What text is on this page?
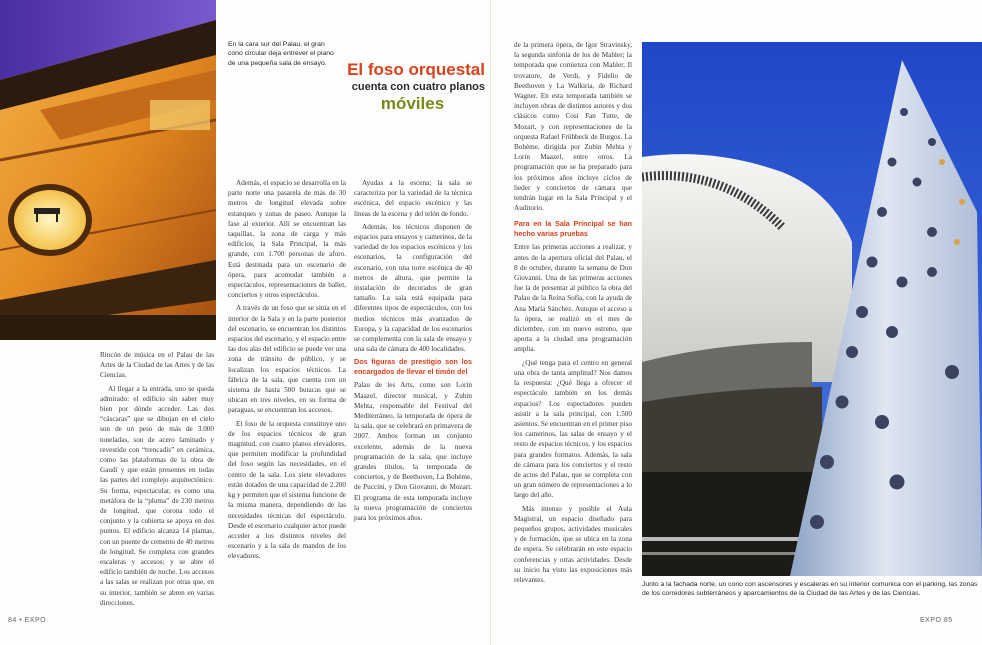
En la cara sur del Palau, el gran cono circular deja entrever el piano de una pequeña sala de ensayo.	El foso orquestal
cuenta con cuatro planos
móviles

Rincón de música en el Palau de las Artes de la Ciudad de las Artes y de las Ciencias.

Al llegar a la entrada, uno se queda admirado: el edificio sin saber muy bien por dónde acceder. Las dos “cáscaras” que se dibujan en el cielo son de un peso de más de 3.000 toneladas, son de acero laminado y revestido con “trencadís” en cerámica, como las plataformas de la obra de Gaudí y que están presentes en todas las partes del complejo arquitectónico. Su forma, espectacular, es como una metáfora de la “pluma” de 230 metros de longitud, que corona todo el conjunto y la cubierta se apoya en dos puntos. El edificio alcanza 14 plantas, con un puente de cemento de 40 metros de longitud. Se completa con grandes escaleras y accesos; y se abre el edificio también de noche. Los accesos a las salas se realizan por otras que, en su interior, también se abren en varias direcciones.

Además, el espacio se desarrolla en la parte norte una pasarela de más de 30 metros de longitud elevada sobre estanques y zonas de paseo. Aunque la fase al exterior. Allí se encuentran las taquillas, la zona de carga y más edificios, la Sala Principal, la más grande, con 1.700 personas de aforo. Está destinada para un escenario de ópera, para acomodar también a espectáculos, representaciones de ballet, conciertos y otros espectáculos.

A través de un foso que se sitúa en el interior de la Sala y en la parte posterior del escenario, se encuentran los distintos espacios del escenario, y el espacio entre las dos alas del edificio se puede ver una zona de tránsito de público, y se localizan los espacios técnicos. La fábrica de la sala, que cuenta con un sistema de hasta 500 butacas que se ubican en tres niveles, en su forma de paraguas, se encuentran los accesos.

El foso de la orquesta constituye uno de los espacios técnicos de gran magnitud, con cuatro planos elevadores, que permiten modificar la profundidad del foso según las necesidades, en el centro de la sala. Los siete elevadores están dotados de una capacidad de 2.200 kg y permiten que el sistema funcione de la misma manera, dependiendo de las necesidades técnicas del espectáculo. Desde el escenario cualquier actor puede acceder a los distintos niveles del escenario y a la sala de mandos de los elevadores.

Ayudas a la escena; la sala se caracteriza por la variedad de la técnica escénica, del espacio escénico y las líneas de la escena y del telón de fondo.

Además, los técnicos disponen de espacios para ensayos y camerinos, de la variedad de los espacios escénicos y los escenarios, la configuración del escenario, con una torre escénica de 40 metros de altura, que permite la instalación de decorados de gran tamaño. La sala está equipada para diferentes tipos de espectáculos, con los medios técnicos más avanzados de Europa, y la capacidad de los escenarios se complementa con la sala de ensayo y una sala de cámara de 400 localidades.

Dos figuras de prestigio son los encargados de llevar el timón del

Palau de les Arts, como son Lorin Maazel, director musical, y Zubin Mehta, responsable del Festival del Mediterráneo, la temporada de ópera de la sala, que se celebrará en primavera de 2007. Ambos forman un conjunto excelente, además de la nueva programación de la sala, que incluye grandes títulos, la temporada de conciertos, y de Beethoven, La Bohème, de Puccini, y Don Giovanni, de Mozart. El programa de esta temporada incluye la nueva programación de conciertos para los próximos años.

de la primera ópera, de Igor Stravinsky, la segunda sinfonía de los de Mahler; la temporada que comienza con Mahler, Il trovatore, de Verdi, y Fidelio de Beethoven y La Walkiria, de Richard Wagner. En esta temporada también se incluyen obras de distintos autores y dos clásicos como Cosi Fan Tutte, de Mozart, y con representaciones de la orquesta Rafael Frühbeck de Burgos. La Bohème, dirigida por Zubin Mehta y Lorin Maazel, entre otros. La programación que se ha preparado para los próximos años incluye ciclos de lieder y conciertos de cámara que tendrán lugar en la Sala Principal y el Auditorio.

Para en la Sala Principal se han hecho varias pruebas

Entre las primeras acciones a realizar, y antes de la apertura oficial del Palau, el 8 de octubre, durante la semana de Don Giovanni. Una de las primeras acciones fue la de presentar al público la obra del Palau de la Reina Sofía, con la ayuda de Ana María Sánchez. Aunque el acceso a la ópera, se realizó en el mes de diciembre, con un nuevo estreno, que aporta a la ciudad una programación amplia.

¿Qué tenga para el centro en general una obra de tanta amplitud? Nos damos la respuesta: ¿Qué llega a ofrecer el espectáculo también en los demás espacios? Los espectadores pueden asistir a la sala principal, con 1.500 asientos. Se encuentran en el primer piso los camerinos, las salas de ensayo y el resto de espacios técnicos, y los espacios para grandes formatos. Además, la sala de cámara para los conciertos y el resto de actos del Palau, que se completa con un gran número de representaciones a lo largo del año.

Más intenso y posible el Aula Magistral, un espacio diseñado para pequeños grupos, actividades musicales y de formación, que se ubica en la zona de espera. Se celebrarán en este espacio conferencias y otras actividades. Desde su inicio ha visto las exposiciones más relevantes.

Junto a la fachada norte, un cono con ascensores y escaleras en su interior comunica con el parking, las zonas de los corredores subterráneos y aparcamientos de la Ciudad de las Artes y de las Ciencias.
84 • EXPO	EXPO 85
